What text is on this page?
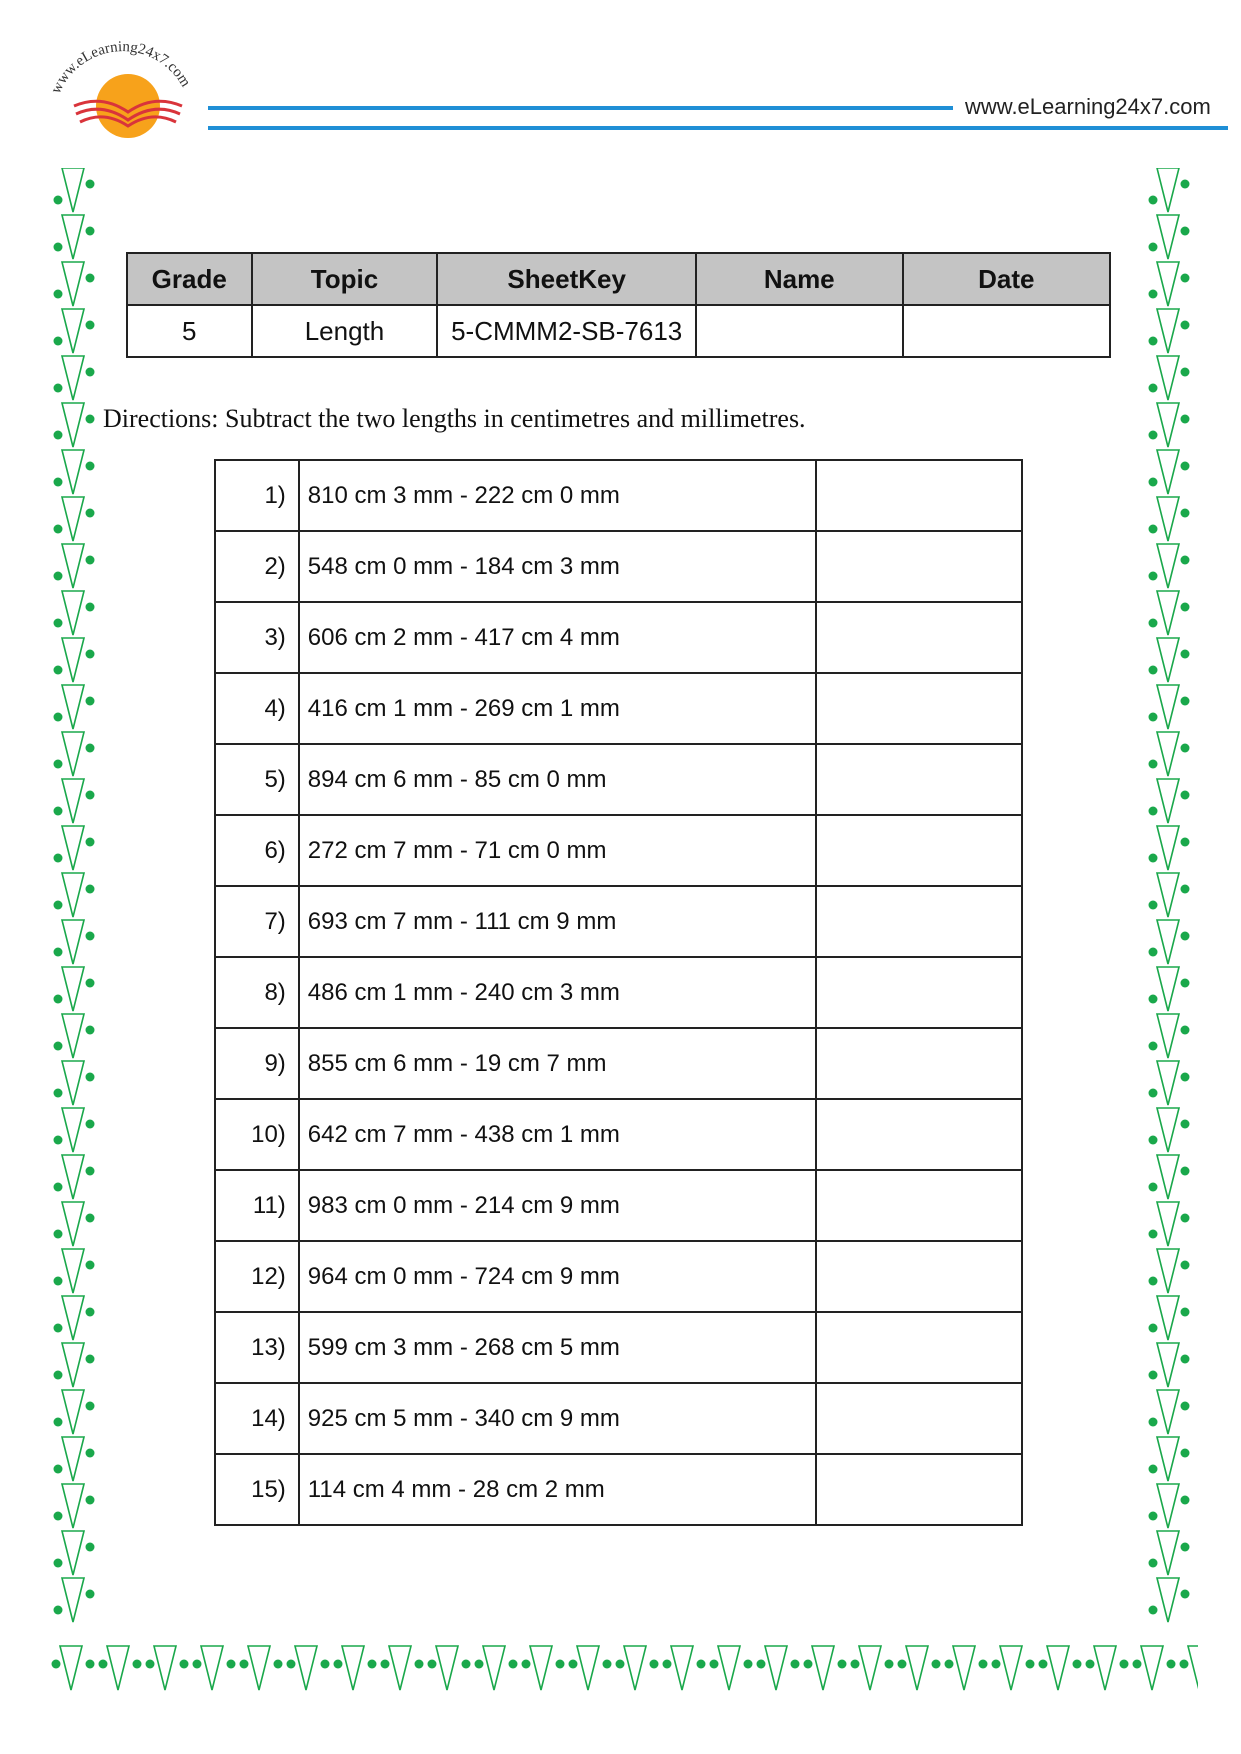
www.eLearning24x7.com
www.eLearning24x7.com
Grade	Topic	SheetKey	Name	Date
5	Length	5-CMMM2-SB-7613		
Directions: Subtract the two lengths in centimetres and millimetres.
1)	810 cm 3 mm - 222 cm 0 mm	
2)	548 cm 0 mm - 184 cm 3 mm	
3)	606 cm 2 mm - 417 cm 4 mm	
4)	416 cm 1 mm - 269 cm 1 mm	
5)	894 cm 6 mm - 85 cm 0 mm	
6)	272 cm 7 mm - 71 cm 0 mm	
7)	693 cm 7 mm - 111 cm 9 mm	
8)	486 cm 1 mm - 240 cm 3 mm	
9)	855 cm 6 mm - 19 cm 7 mm	
10)	642 cm 7 mm - 438 cm 1 mm	
11)	983 cm 0 mm - 214 cm 9 mm	
12)	964 cm 0 mm - 724 cm 9 mm	
13)	599 cm 3 mm - 268 cm 5 mm	
14)	925 cm 5 mm - 340 cm 9 mm	
15)	114 cm 4 mm - 28 cm 2 mm	
